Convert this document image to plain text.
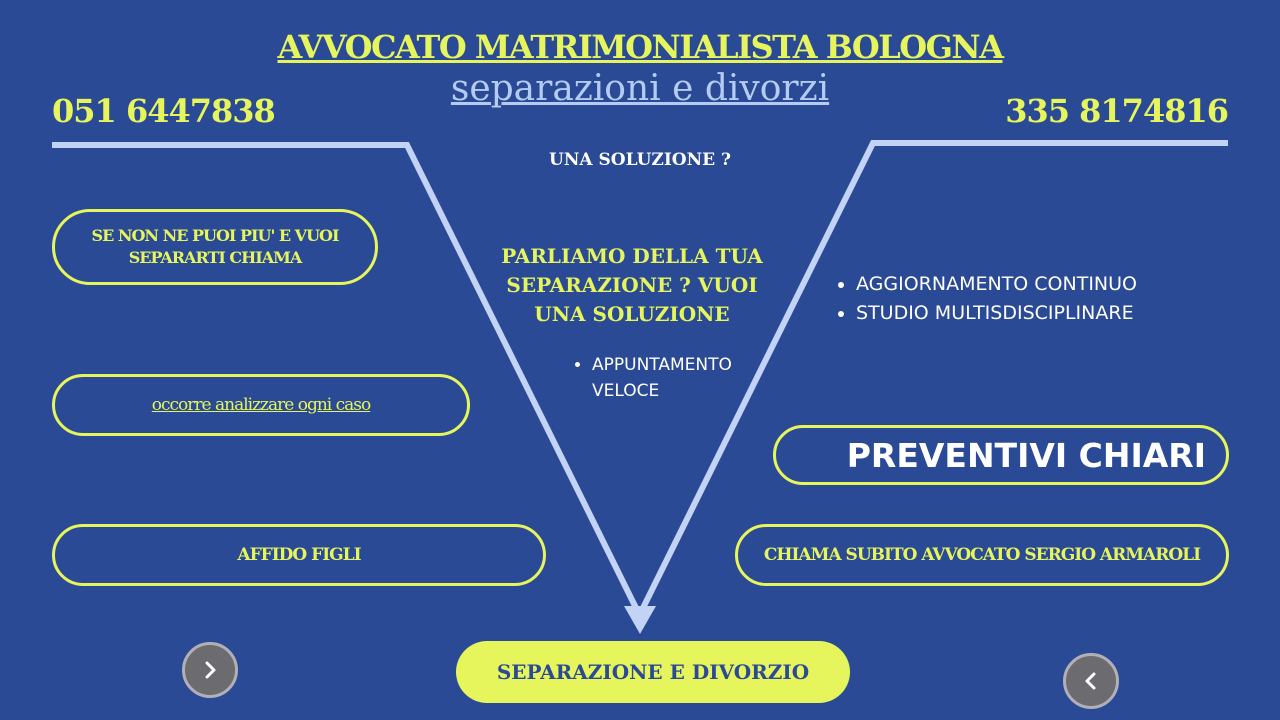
AVVOCATO MATRIMONIALISTA BOLOGNA
separazioni e divorzi
051 6447838	335 8174816
UNA SOLUZIONE ?
PARLIAMO DELLA TUA
SEPARAZIONE ? VUOI
UNA SOLUZIONE
• APPUNTAMENTO
VELOCE
• AGGIORNAMENTO CONTINUO
• STUDIO MULTISDISCIPLINARE
SE NON NE PUOI PIU' E VUOI
SEPARARTI CHIAMA
occorre analizzare ogni caso
AFFIDO FIGLI
PREVENTIVI CHIARI
CHIAMA SUBITO AVVOCATO SERGIO ARMAROLI
SEPARAZIONE E DIVORZIO
